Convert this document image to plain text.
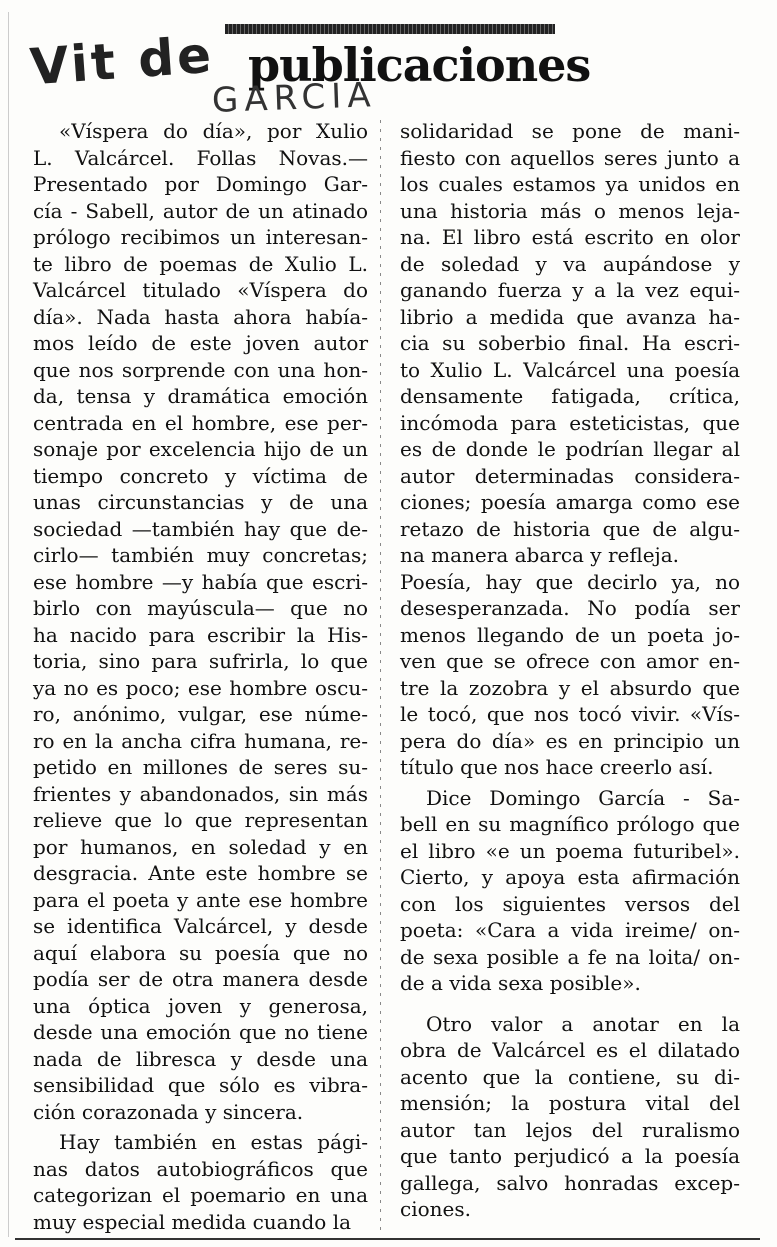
Vit de publicaciones
GARCIA

«Víspera do día», por Xulio

L. Valcárcel. Follas Novas.—

Presentado por Domingo Gar-

cía - Sabell, autor de un atinado

prólogo recibimos un interesan-

te libro de poemas de Xulio L.

Valcárcel titulado «Víspera do

día». Nada hasta ahora había-

mos leído de este joven autor

que nos sorprende con una hon-

da, tensa y dramática emoción

centrada en el hombre, ese per-

sonaje por excelencia hijo de un

tiempo concreto y víctima de

unas circunstancias y de una

sociedad —también hay que de-

cirlo— también muy concretas;

ese hombre —y había que escri-

birlo con mayúscula— que no

ha nacido para escribir la His-

toria, sino para sufrirla, lo que

ya no es poco; ese hombre oscu-

ro, anónimo, vulgar, ese núme-

ro en la ancha cifra humana, re-

petido en millones de seres su-

frientes y abandonados, sin más

relieve que lo que representan

por humanos, en soledad y en

desgracia. Ante este hombre se

para el poeta y ante ese hombre

se identifica Valcárcel, y desde

aquí elabora su poesía que no

podía ser de otra manera desde

una óptica joven y generosa,

desde una emoción que no tiene

nada de libresca y desde una

sensibilidad que sólo es vibra-

ción corazonada y sincera.

Hay también en estas pági-

nas datos autobiográficos que

categorizan el poemario en una

muy especial medida cuando la

solidaridad se pone de mani-

fiesto con aquellos seres junto a

los cuales estamos ya unidos en

una historia más o menos leja-

na. El libro está escrito en olor

de soledad y va aupándose y

ganando fuerza y a la vez equi-

librio a medida que avanza ha-

cia su soberbio final. Ha escri-

to Xulio L. Valcárcel una poesía

densamente fatigada, crítica,

incómoda para esteticistas, que

es de donde le podrían llegar al

autor determinadas considera-

ciones; poesía amarga como ese

retazo de historia que de algu-

na manera abarca y refleja.

Poesía, hay que decirlo ya, no

desesperanzada. No podía ser

menos llegando de un poeta jo-

ven que se ofrece con amor en-

tre la zozobra y el absurdo que

le tocó, que nos tocó vivir. «Vís-

pera do día» es en principio un

título que nos hace creerlo así.

Dice Domingo García - Sa-

bell en su magnífico prólogo que

el libro «e un poema futuribel».

Cierto, y apoya esta afirmación

con los siguientes versos del

poeta: «Cara a vida ireime/ on-

de sexa posible a fe na loita/ on-

de a vida sexa posible».

Otro valor a anotar en la

obra de Valcárcel es el dilatado

acento que la contiene, su di-

mensión; la postura vital del

autor tan lejos del ruralismo

que tanto perjudicó a la poesía

gallega, salvo honradas excep-

ciones.
